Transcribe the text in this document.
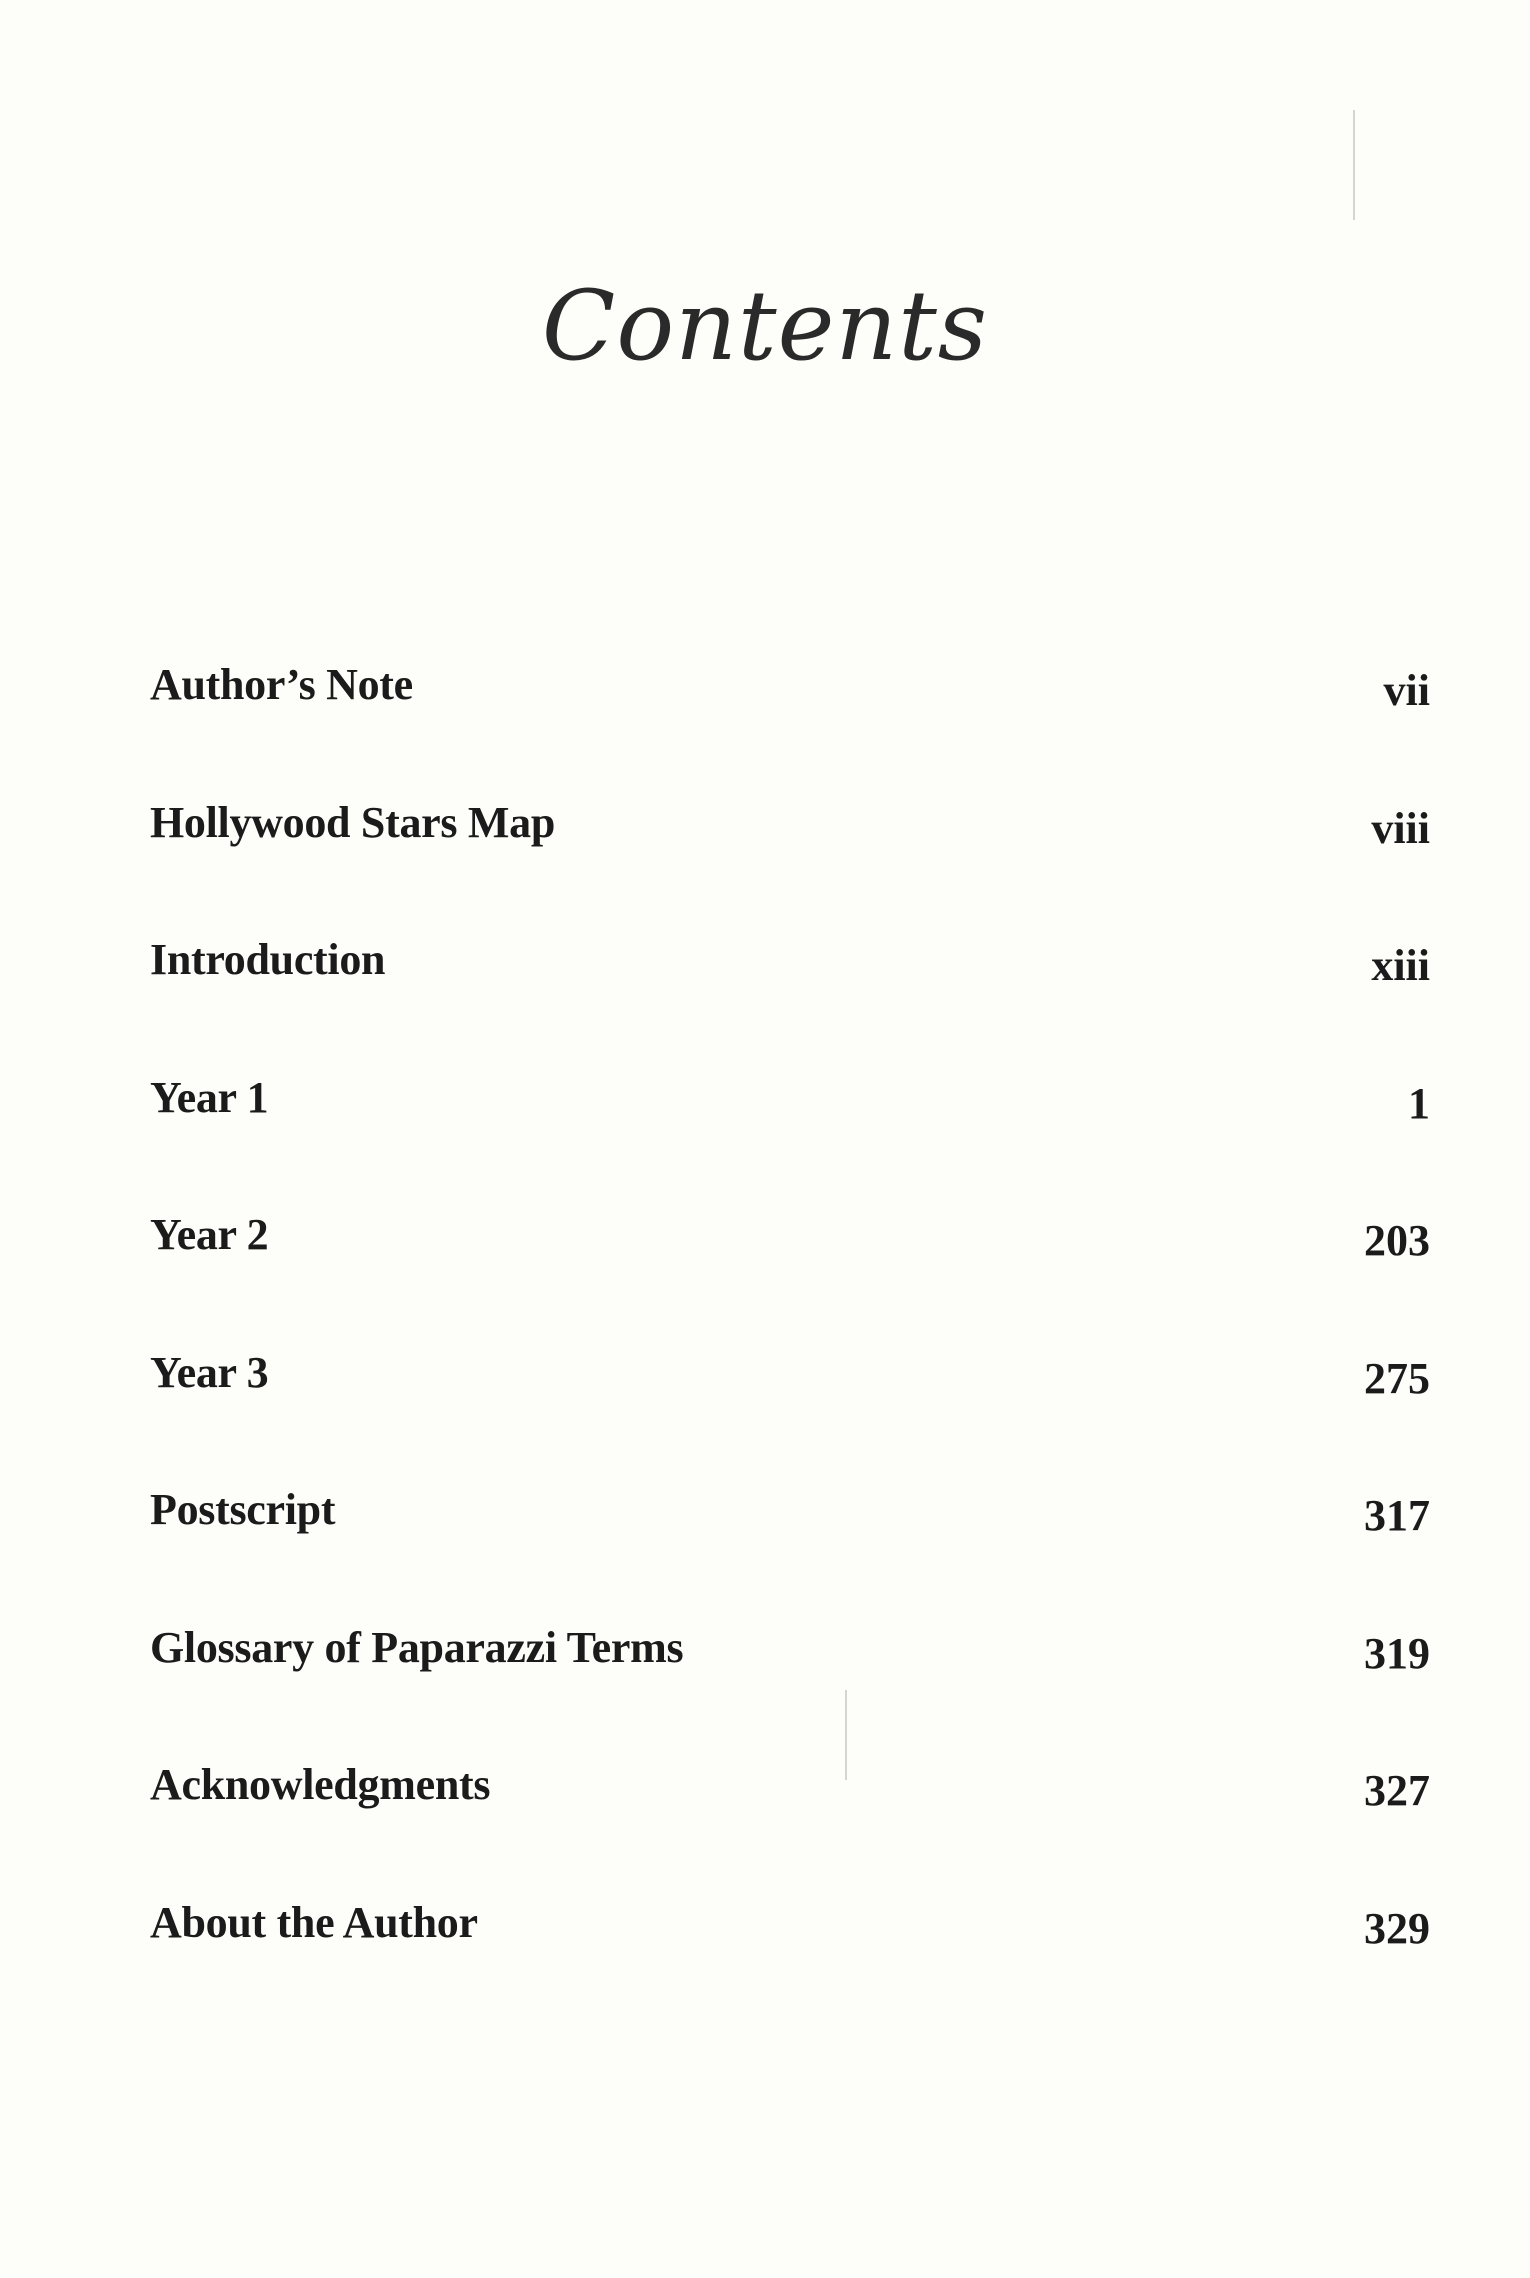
Contents
Author’s Note	vii
Hollywood Stars Map	viii
Introduction	xiii
Year 1	1
Year 2	203
Year 3	275
Postscript	317
Glossary of Paparazzi Terms	319
Acknowledgments	327
About the Author	329
